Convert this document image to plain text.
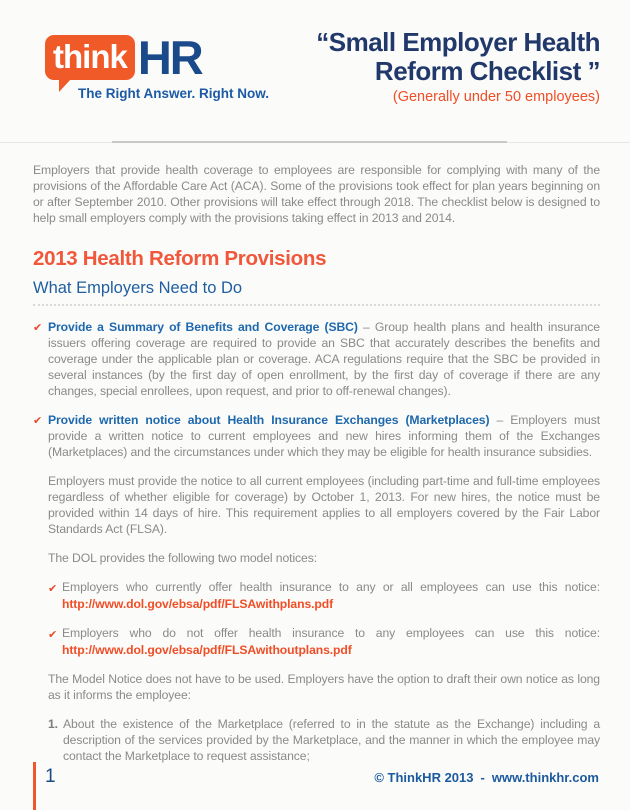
think HR
The Right Answer. Right Now.
“Small Employer Health
Reform Checklist ”
(Generally under 50 employees)

Employers that provide health coverage to employees are responsible for complying with many of the provisions of the Affordable Care Act (ACA). Some of the provisions took effect for plan years beginning on or after September 2010. Other provisions will take effect through 2018. The checklist below is designed to help small employers comply with the provisions taking effect in 2013 and 2014.

2013 Health Reform Provisions
What Employers Need to Do
✔ Provide a Summary of Benefits and Coverage (SBC) – Group health plans and health insurance issuers offering coverage are required to provide an SBC that accurately describes the benefits and coverage under the applicable plan or coverage. ACA regulations require that the SBC be provided in several instances (by the first day of open enrollment, by the first day of coverage if there are any changes, special enrollees, upon request, and prior to off-renewal changes).
✔ Provide written notice about Health Insurance Exchanges (Marketplaces) – Employers must provide a written notice to current employees and new hires informing them of the Exchanges (Marketplaces) and the circumstances under which they may be eligible for health insurance subsidies.

Employers must provide the notice to all current employees (including part-time and full-time employees regardless of whether eligible for coverage) by October 1, 2013. For new hires, the notice must be provided within 14 days of hire. This requirement applies to all employers covered by the Fair Labor Standards Act (FLSA).

The DOL provides the following two model notices:

✔ Employers who currently offer health insurance to any or all employees can use this notice:
http://www.dol.gov/ebsa/pdf/FLSAwithplans.pdf
✔ Employers who do not offer health insurance to any employees can use this notice:
http://www.dol.gov/ebsa/pdf/FLSAwithoutplans.pdf

The Model Notice does not have to be used. Employers have the option to draft their own notice as long as it informs the employee:

1. About the existence of the Marketplace (referred to in the statute as the Exchange) including a description of the services provided by the Marketplace, and the manner in which the employee may contact the Marketplace to request assistance;
1	© ThinkHR 2013 - www.thinkhr.com
